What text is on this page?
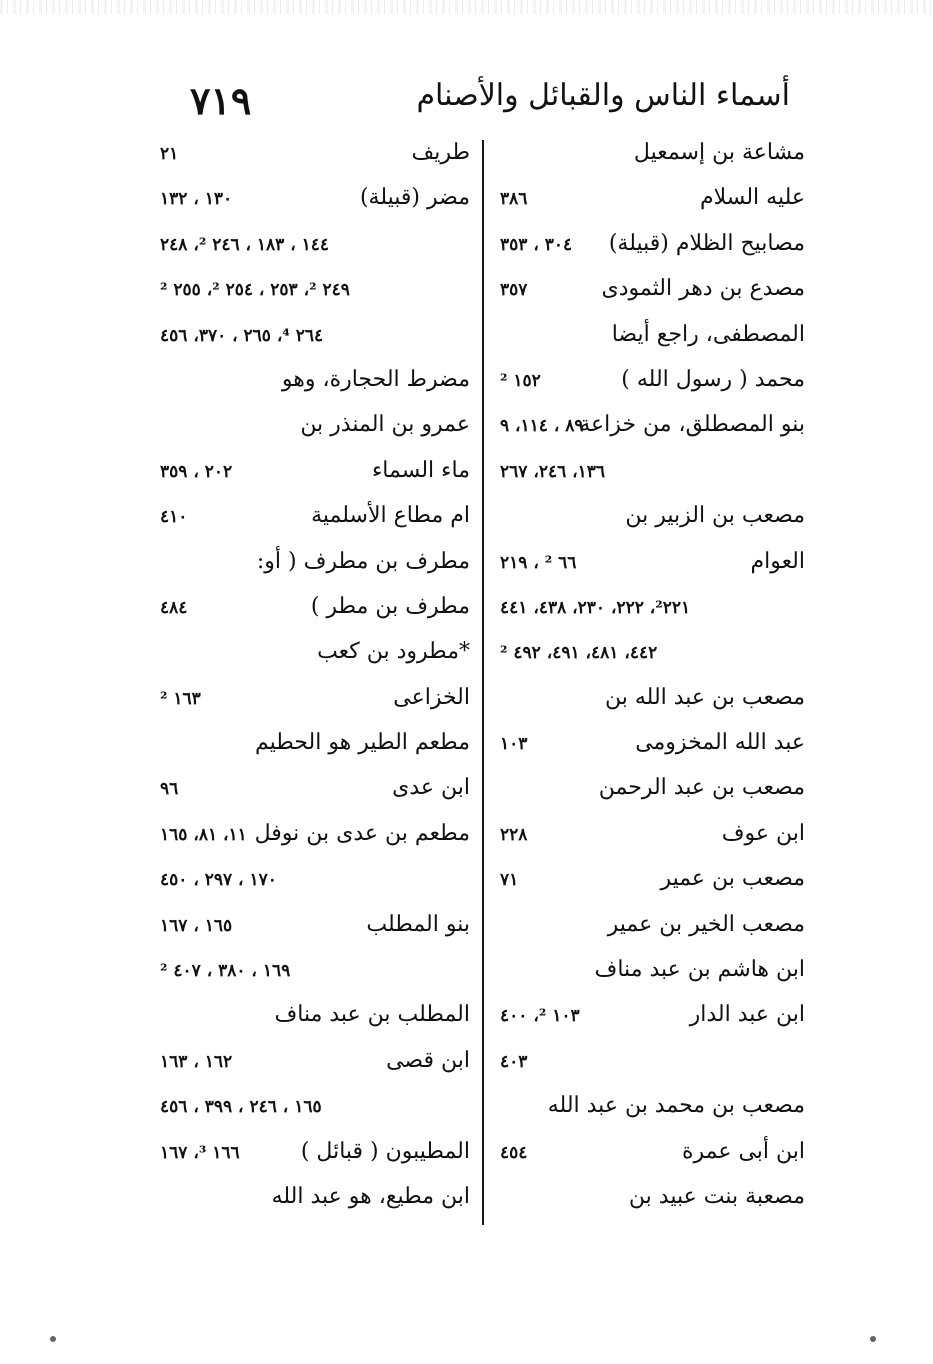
٧١٩	أسماء الناس والقبائل والأصنام
مشاعة بن إسمعيل
عليه السلام
٣٨٦
مصابيح الظلام (قبيلة)
٣٠٤ ، ٣٥٣
مصدع بن دهر الثمودى
٣٥٧
المصطفى، راجع أيضا
محمد ( رسول الله )
١٥٢ ²
بنو المصطلق، من خزاعة
٨٩ ، ١١٤، ٩
١٣٦، ٢٤٦، ٢٦٧
مصعب بن الزبير بن
العوام
٦٦ ² ، ٢١٩
²٢٢١، ٢٢٢، ٢٣٠، ٤٣٨، ٤٤١
٤٤٢، ٤٨١، ٤٩١، ٤٩٢ ²
مصعب بن عبد الله بن
عبد الله المخزومى
١٠٣
مصعب بن عبد الرحمن
ابن عوف
٢٢٨
مصعب بن عمير
٧١
مصعب الخير بن عمير
ابن هاشم بن عبد مناف
ابن عبد الدار
١٠٣ ²، ٤٠٠
٤٠٣
مصعب بن محمد بن عبد الله
ابن أبى عمرة
٤٥٤
مصعبة بنت عبيد بن
طريف
٢١
مضر (قبيلة)
١٣٠ ، ١٣٢
١٤٤ ، ١٨٣ ، ٢٤٦ ²، ٢٤٨
٢٤٩ ²، ٢٥٣ ، ٢٥٤ ²، ٢٥٥ ²
٢٦٤ ⁴، ٢٦٥ ، ٣٧٠، ٤٥٦
مضرط الحجارة، وهو
عمرو بن المنذر بن
ماء السماء
٢٠٢ ، ٣٥٩
ام مطاع الأسلمية
٤١٠
مطرف بن مطرف ( أو:
مطرف بن مطر )
٤٨٤
*مطرود بن كعب
الخزاعى
١٦٣ ²
مطعم الطير هو الحطيم
ابن عدى
٩٦
مطعم بن عدى بن نوفل
١١، ٨١، ١٦٥
١٧٠ ، ٢٩٧ ، ٤٥٠
بنو المطلب
١٦٥ ، ١٦٧
١٦٩ ، ٣٨٠ ، ٤٠٧ ²
المطلب بن عبد مناف
ابن قصى
١٦٢ ، ١٦٣
١٦٥ ، ٢٤٦ ، ٣٩٩ ، ٤٥٦
المطيبون ( قبائل )
١٦٦ ³، ١٦٧
ابن مطيع، هو عبد الله
